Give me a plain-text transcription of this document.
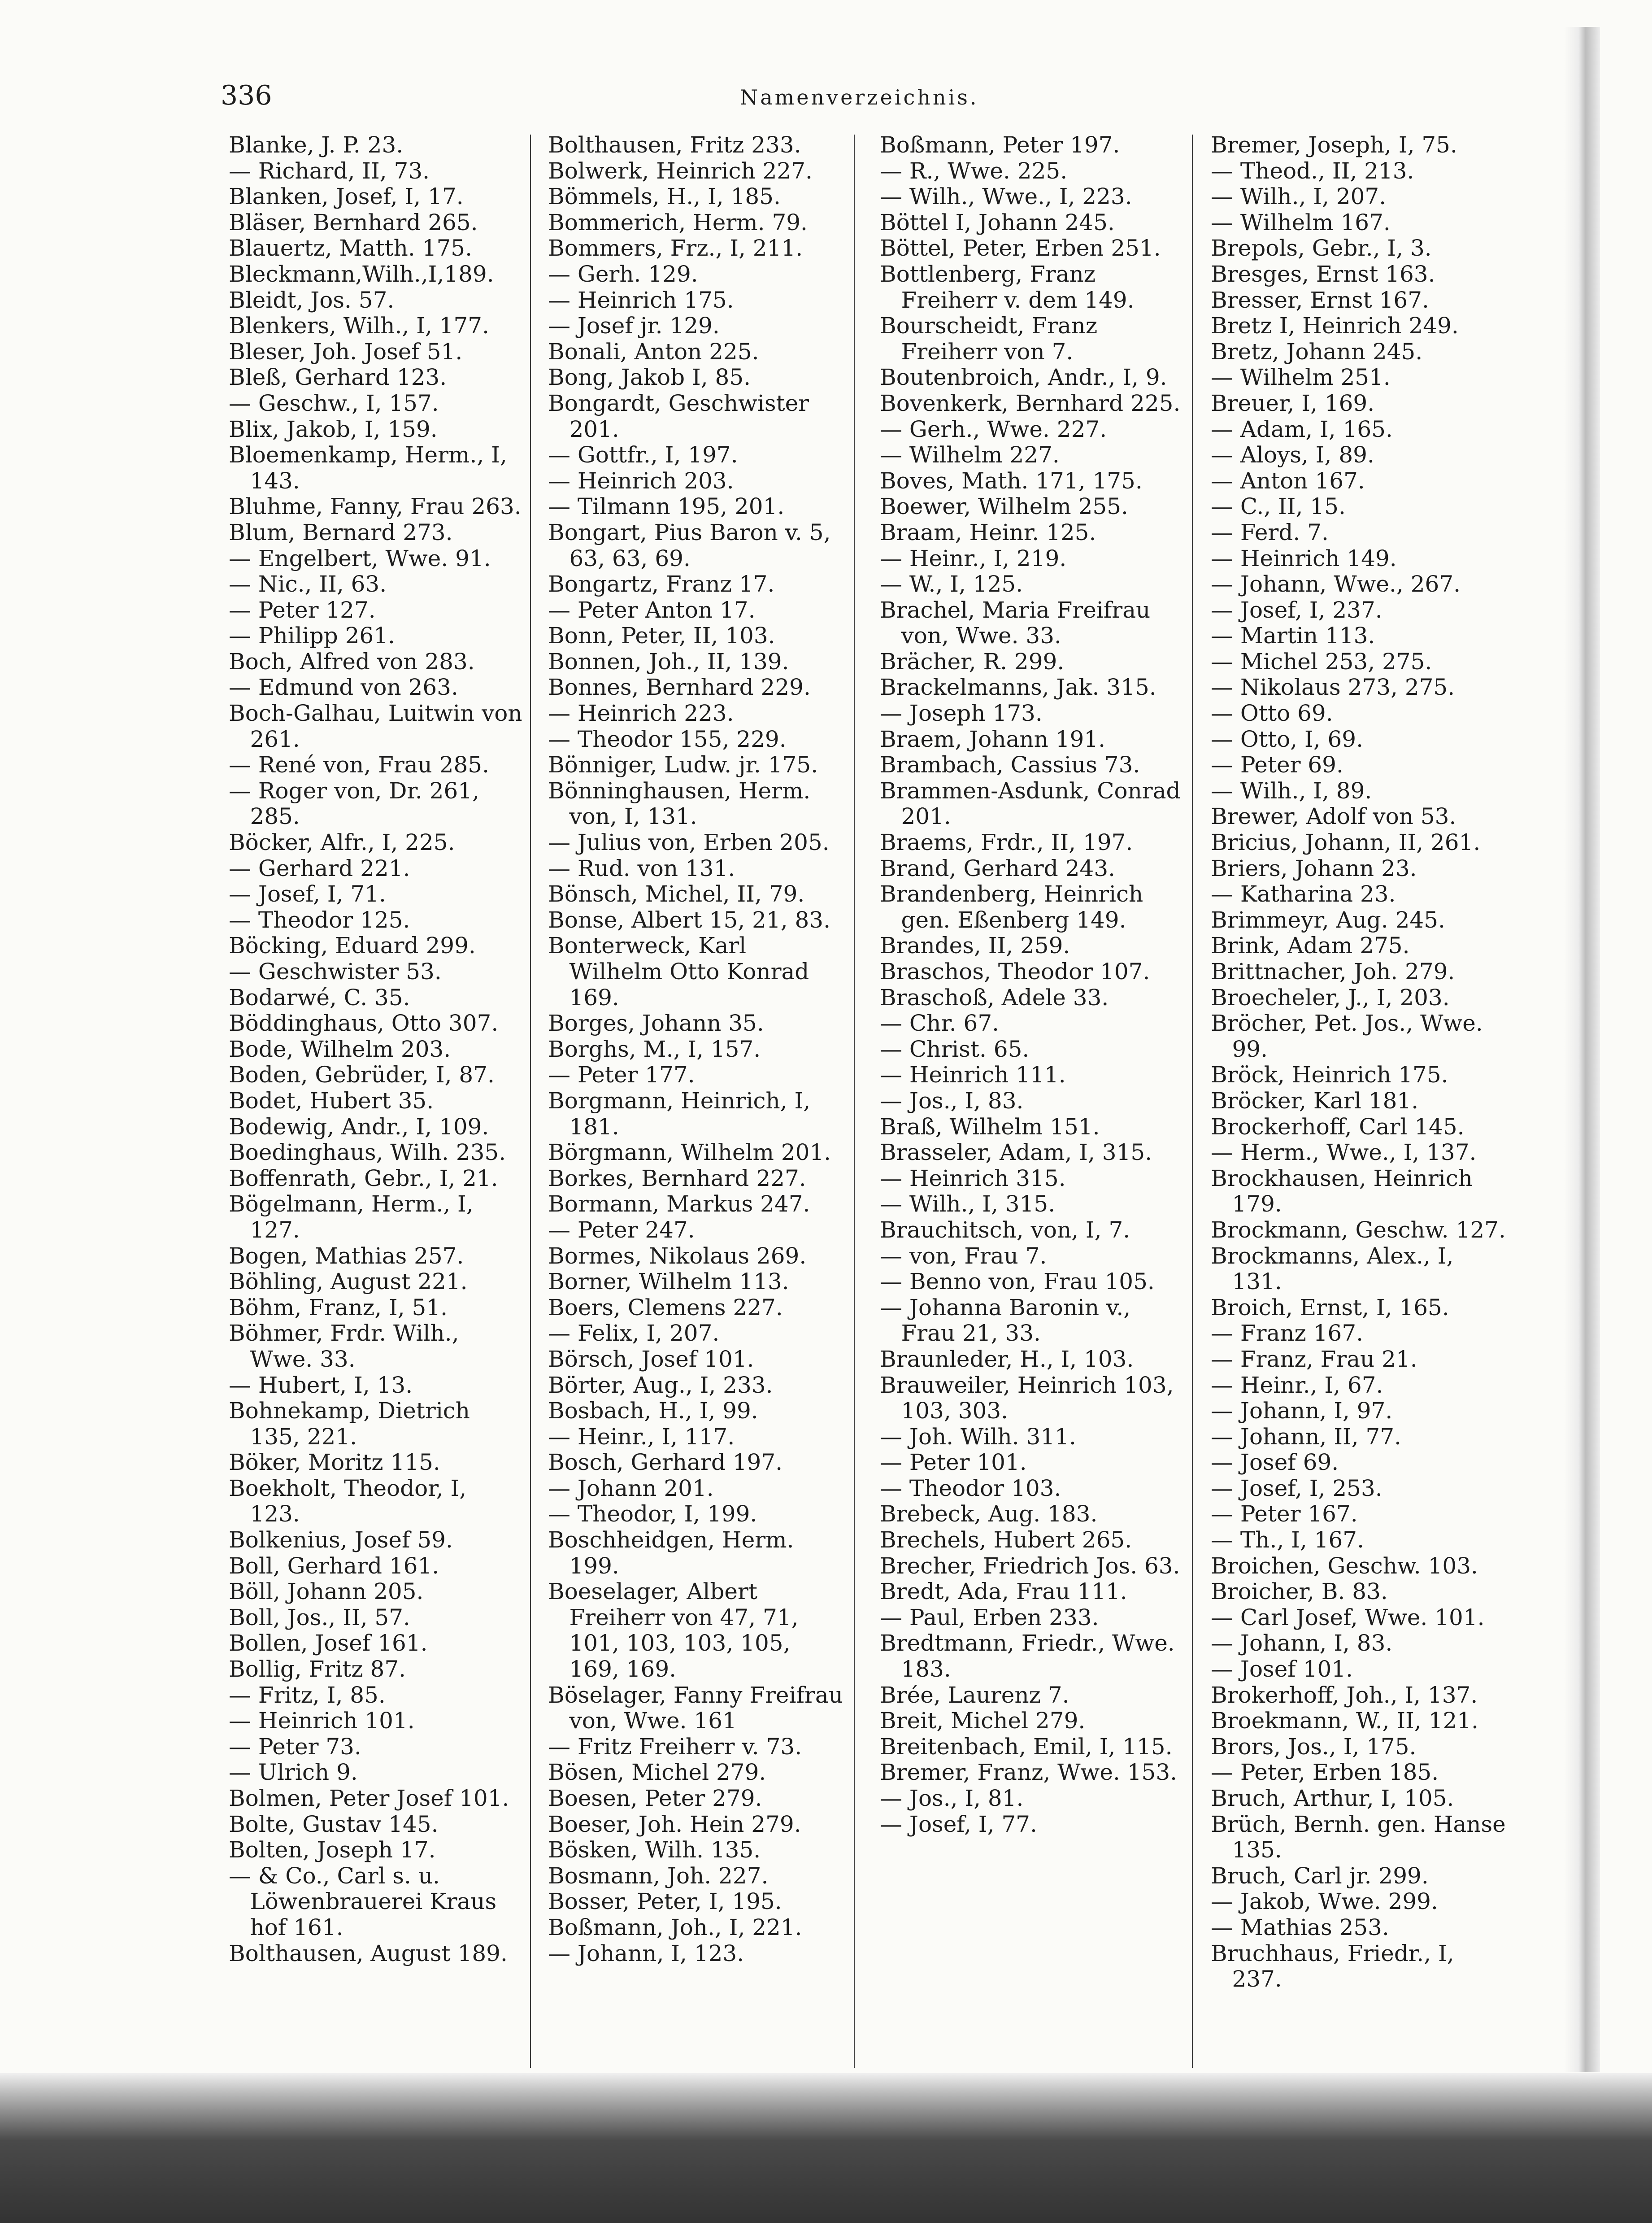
336	Namenverzeichnis.
Blanke, J. P. 23.
— Richard, II, 73.
Blanken, Josef, I, 17.
Bläser, Bernhard 265.
Blauertz, Matth. 175.
Bleckmann,Wilh.,I,189.
Bleidt, Jos. 57.
Blenkers, Wilh., I, 177.
Bleser, Joh. Josef 51.
Bleß, Gerhard 123.
— Geschw., I, 157.
Blix, Jakob, I, 159.
Bloemenkamp, Herm., I, 143.
Bluhme, Fanny, Frau 263.
Blum, Bernard 273.
— Engelbert, Wwe. 91.
— Nic., II, 63.
— Peter 127.
— Philipp 261.
Boch, Alfred von 283.
— Edmund von 263.
Boch-Galhau, Luitwin von 261.
— René von, Frau 285.
— Roger von, Dr. 261, 285.
Böcker, Alfr., I, 225.
— Gerhard 221.
— Josef, I, 71.
— Theodor 125.
Böcking, Eduard 299.
— Geschwister 53.
Bodarwé, C. 35.
Böddinghaus, Otto 307.
Bode, Wilhelm 203.
Boden, Gebrüder, I, 87.
Bodet, Hubert 35.
Bodewig, Andr., I, 109.
Boedinghaus, Wilh. 235.
Boffenrath, Gebr., I, 21.
Bögelmann, Herm., I, 127.
Bogen, Mathias 257.
Böhling, August 221.
Böhm, Franz, I, 51.
Böhmer, Frdr. Wilh., Wwe. 33.
— Hubert, I, 13.
Bohnekamp, Dietrich 135, 221.
Böker, Moritz 115.
Boekholt, Theodor, I, 123.
Bolkenius, Josef 59.
Boll, Gerhard 161.
Böll, Johann 205.
Boll, Jos., II, 57.
Bollen, Josef 161.
Bollig, Fritz 87.
— Fritz, I, 85.
— Heinrich 101.
— Peter 73.
— Ulrich 9.
Bolmen, Peter Josef 101.
Bolte, Gustav 145.
Bolten, Joseph 17.
— & Co., Carl s. u. Löwenbrauerei Kraus hof 161.
Bolthausen, August 189.
Bolthausen, Fritz 233.
Bolwerk, Heinrich 227.
Bömmels, H., I, 185.
Bommerich, Herm. 79.
Bommers, Frz., I, 211.
— Gerh. 129.
— Heinrich 175.
— Josef jr. 129.
Bonali, Anton 225.
Bong, Jakob I, 85.
Bongardt, Geschwister 201.
— Gottfr., I, 197.
— Heinrich 203.
— Tilmann 195, 201.
Bongart, Pius Baron v. 5, 63, 63, 69.
Bongartz, Franz 17.
— Peter Anton 17.
Bonn, Peter, II, 103.
Bonnen, Joh., II, 139.
Bonnes, Bernhard 229.
— Heinrich 223.
— Theodor 155, 229.
Bönniger, Ludw. jr. 175.
Bönninghausen, Herm. von, I, 131.
— Julius von, Erben 205.
— Rud. von 131.
Bönsch, Michel, II, 79.
Bonse, Albert 15, 21, 83.
Bonterweck, Karl Wilhelm Otto Konrad 169.
Borges, Johann 35.
Borghs, M., I, 157.
— Peter 177.
Borgmann, Heinrich, I, 181.
Börgmann, Wilhelm 201.
Borkes, Bernhard 227.
Bormann, Markus 247.
— Peter 247.
Bormes, Nikolaus 269.
Borner, Wilhelm 113.
Boers, Clemens 227.
— Felix, I, 207.
Börsch, Josef 101.
Börter, Aug., I, 233.
Bosbach, H., I, 99.
— Heinr., I, 117.
Bosch, Gerhard 197.
— Johann 201.
— Theodor, I, 199.
Boschheidgen, Herm. 199.
Boeselager, Albert Freiherr von 47, 71, 101, 103, 103, 105, 169, 169.
Böselager, Fanny Freifrau von, Wwe. 161
— Fritz Freiherr v. 73.
Bösen, Michel 279.
Boesen, Peter 279.
Boeser, Joh. Hein 279.
Bösken, Wilh. 135.
Bosmann, Joh. 227.
Bosser, Peter, I, 195.
Boßmann, Joh., I, 221.
— Johann, I, 123.
Boßmann, Peter 197.
— R., Wwe. 225.
— Wilh., Wwe., I, 223.
Böttel I, Johann 245.
Böttel, Peter, Erben 251.
Bottlenberg, Franz Freiherr v. dem 149.
Bourscheidt, Franz Freiherr von 7.
Boutenbroich, Andr., I, 9.
Bovenkerk, Bernhard 225.
— Gerh., Wwe. 227.
— Wilhelm 227.
Boves, Math. 171, 175.
Boewer, Wilhelm 255.
Braam, Heinr. 125.
— Heinr., I, 219.
— W., I, 125.
Brachel, Maria Freifrau von, Wwe. 33.
Brächer, R. 299.
Brackelmanns, Jak. 315.
— Joseph 173.
Braem, Johann 191.
Brambach, Cassius 73.
Brammen-Asdunk, Conrad 201.
Braems, Frdr., II, 197.
Brand, Gerhard 243.
Brandenberg, Heinrich gen. Eßenberg 149.
Brandes, II, 259.
Braschos, Theodor 107.
Braschoß, Adele 33.
— Chr. 67.
— Christ. 65.
— Heinrich 111.
— Jos., I, 83.
Braß, Wilhelm 151.
Brasseler, Adam, I, 315.
— Heinrich 315.
— Wilh., I, 315.
Brauchitsch, von, I, 7.
— von, Frau 7.
— Benno von, Frau 105.
— Johanna Baronin v., Frau 21, 33.
Braunleder, H., I, 103.
Brauweiler, Heinrich 103, 103, 303.
— Joh. Wilh. 311.
— Peter 101.
— Theodor 103.
Brebeck, Aug. 183.
Brechels, Hubert 265.
Brecher, Friedrich Jos. 63.
Bredt, Ada, Frau 111.
— Paul, Erben 233.
Bredtmann, Friedr., Wwe. 183.
Brée, Laurenz 7.
Breit, Michel 279.
Breitenbach, Emil, I, 115.
Bremer, Franz, Wwe. 153.
— Jos., I, 81.
— Josef, I, 77.
Bremer, Joseph, I, 75.
— Theod., II, 213.
— Wilh., I, 207.
— Wilhelm 167.
Brepols, Gebr., I, 3.
Bresges, Ernst 163.
Bresser, Ernst 167.
Bretz I, Heinrich 249.
Bretz, Johann 245.
— Wilhelm 251.
Breuer, I, 169.
— Adam, I, 165.
— Aloys, I, 89.
— Anton 167.
— C., II, 15.
— Ferd. 7.
— Heinrich 149.
— Johann, Wwe., 267.
— Josef, I, 237.
— Martin 113.
— Michel 253, 275.
— Nikolaus 273, 275.
— Otto 69.
— Otto, I, 69.
— Peter 69.
— Wilh., I, 89.
Brewer, Adolf von 53.
Bricius, Johann, II, 261.
Briers, Johann 23.
— Katharina 23.
Brimmeyr, Aug. 245.
Brink, Adam 275.
Brittnacher, Joh. 279.
Broecheler, J., I, 203.
Bröcher, Pet. Jos., Wwe. 99.
Bröck, Heinrich 175.
Bröcker, Karl 181.
Brockerhoff, Carl 145.
— Herm., Wwe., I, 137.
Brockhausen, Heinrich 179.
Brockmann, Geschw. 127.
Brockmanns, Alex., I, 131.
Broich, Ernst, I, 165.
— Franz 167.
— Franz, Frau 21.
— Heinr., I, 67.
— Johann, I, 97.
— Johann, II, 77.
— Josef 69.
— Josef, I, 253.
— Peter 167.
— Th., I, 167.
Broichen, Geschw. 103.
Broicher, B. 83.
— Carl Josef, Wwe. 101.
— Johann, I, 83.
— Josef 101.
Brokerhoff, Joh., I, 137.
Broekmann, W., II, 121.
Brors, Jos., I, 175.
— Peter, Erben 185.
Bruch, Arthur, I, 105.
Brüch, Bernh. gen. Hanse 135.
Bruch, Carl jr. 299.
— Jakob, Wwe. 299.
— Mathias 253.
Bruchhaus, Friedr., I, 237.
